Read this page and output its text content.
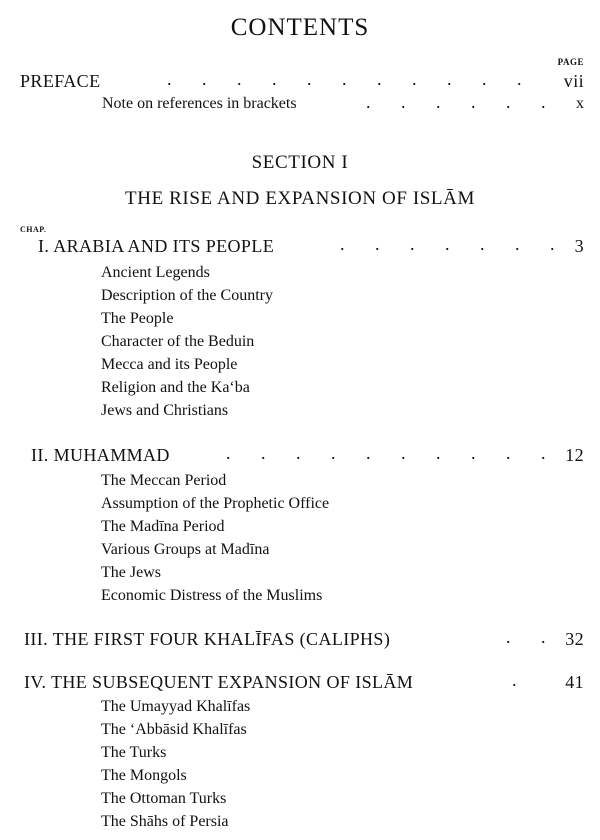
CONTENTS
PAGE
PREFACE	. . . . . . . . . . . vii
Note on references in brackets	. . . . . . x
SECTION I
THE RISE AND EXPANSION OF ISLĀM
CHAP.
I. ARABIA AND ITS PEOPLE	. . . . . . . 3
Ancient Legends
Description of the Country
The People
Character of the Beduin
Mecca and its People
Religion and the Ka‘ba
Jews and Christians
II. MUHAMMAD	. . . . . . . . . . 12
The Meccan Period
Assumption of the Prophetic Office
The Madīna Period
Various Groups at Madīna
The Jews
Economic Distress of the Muslims
III. THE FIRST FOUR KHALĪFAS (CALIPHS)	. . 32
IV. THE SUBSEQUENT EXPANSION OF ISLĀM	. 41
The Umayyad Khalīfas
The ‘Abbāsid Khalīfas
The Turks
The Mongols
The Ottoman Turks
The Shāhs of Persia
